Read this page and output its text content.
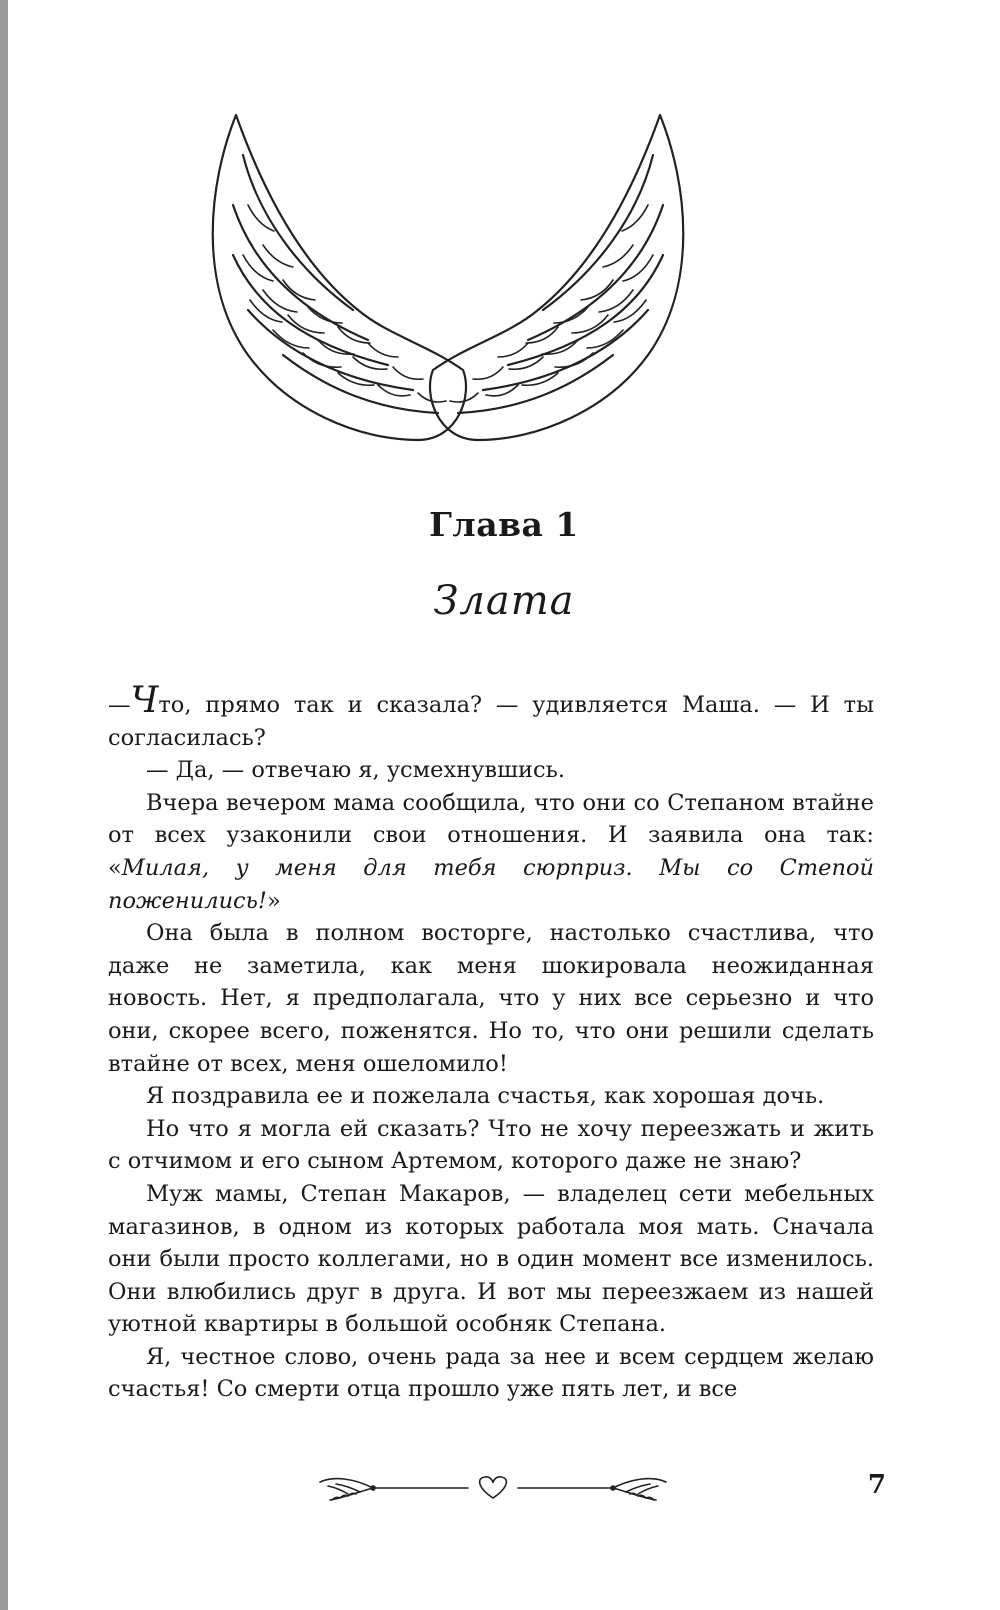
Глава 1
Злата

—Что, прямо так и сказала? — удивляется Маша. — И ты согласилась?

— Да, — отвечаю я, усмехнувшись.

Вчера вечером мама сообщила, что они со Степаном втайне от всех узаконили свои отношения. И заявила она так: «Милая, у меня для тебя сюрприз. Мы со Степой поженились!»

Она была в полном восторге, настолько счастлива, что даже не заметила, как меня шокировала неожиданная новость. Нет, я предполагала, что у них все серьезно и что они, скорее всего, поженятся. Но то, что они решили сделать втайне от всех, меня ошеломило!

Я поздравила ее и пожелала счастья, как хорошая дочь.

Но что я могла ей сказать? Что не хочу переезжать и жить с отчимом и его сыном Артемом, которого даже не знаю?

Муж мамы, Степан Макаров, — владелец сети мебельных магазинов, в одном из которых работала моя мать. Сначала они были просто коллегами, но в один момент все изменилось. Они влюбились друг в друга. И вот мы переезжаем из нашей уютной квартиры в большой особняк Степана.

Я, честное слово, очень рада за нее и всем сердцем желаю счастья! Со смерти отца прошло уже пять лет, и все

7
